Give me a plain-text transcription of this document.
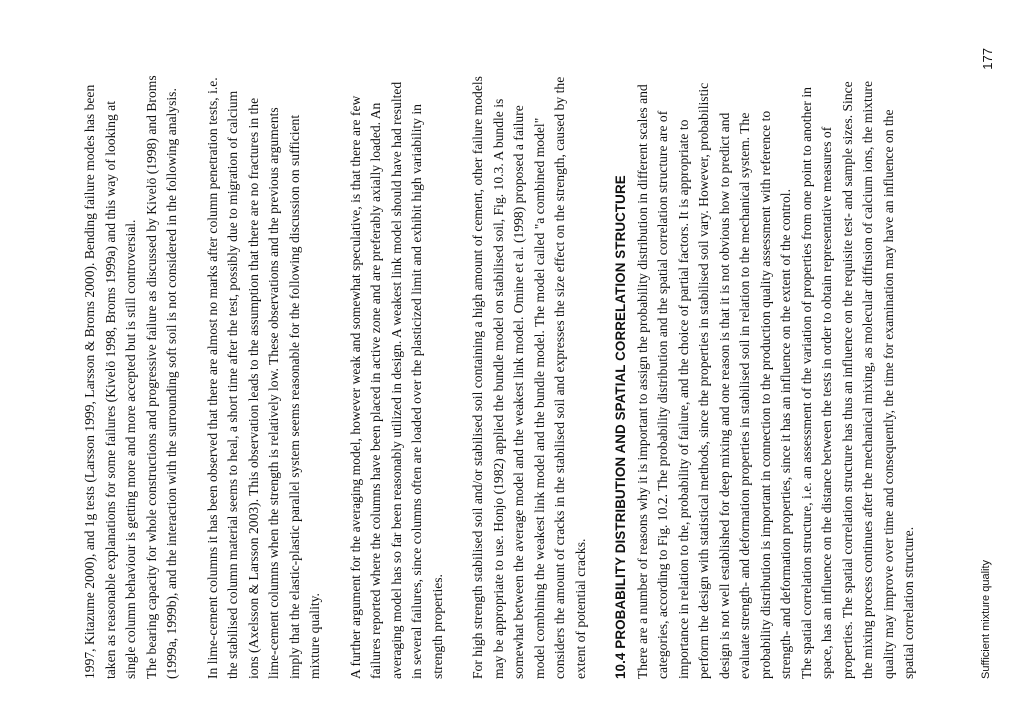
1997, Kitazume 2000), and 1g tests (Larsson 1999, Larsson & Broms 2000). Bending failure modes has been taken as reasonable explanations for some failures (Kivelö 1998, Broms 1999a) and this way of looking at single column behaviour is getting more and more accepted but is still controversial. The bearing capacity for whole constructions and progressive failure as discussed by Kivelö (1998) and Broms (1999a, 1999b), and the interaction with the surrounding soft soil is not considered in the following analysis. In lime-cement columns it has been observed that there are almost no marks after column penetration tests, i.e. the stabilised column material seems to heal, a short time after the test, possibly due to migration of calcium ions (Axelsson & Larsson 2003). This observation leads to the assumption that there are no fractures in the lime-cement columns when the strength is relatively low. These observations and the previous arguments imply that the elastic-plastic parallel system seems reasonable for the following discussion on sufficient mixture quality. A further argument for the averaging model, however weak and somewhat speculative, is that there are few failures reported where the columns have been placed in active zone and are preferably axially loaded. An averaging model has so far been reasonably utilized in design. A weakest link model should have had resulted in several failures, since columns often are loaded over the plasticized limit and exhibit high variability in strength properties. For high strength stabilised soil and/or stabilised soil containing a high amount of cement, other failure models may be appropriate to use. Honjo (1982) applied the bundle model on stabilised soil, Fig. 10.3. A bundle is somewhat between the average model and the weakest link model. Omine et al. (1998) proposed a failure model combining the weakest link model and the bundle model. The model called "a combined model" considers the amount of cracks in the stabilised soil and expresses the size effect on the strength, caused by the extent of potential cracks. 10.4 PROBABILITY DISTRIBUTION AND SPATIAL CORRELATION STRUCTURE There are a number of reasons why it is important to assign the probability distribution in different scales and categories, according to Fig. 10.2. The probability distribution and the spatial correlation structure are of importance in relation to the, probability of failure, and the choice of partial factors. It is appropriate to perform the design with statistical methods, since the properties in stabilised soil vary. However, probabilistic design is not well established for deep mixing and one reason is that it is not obvious how to predict and evaluate strength- and deformation properties in stabilised soil in relation to the mechanical system. The probability distribution is important in connection to the production quality assessment with reference to strength- and deformation properties, since it has an influence on the extent of the control. The spatial correlation structure, i.e. an assessment of the variation of properties from one point to another in space, has an influence on the distance between the tests in order to obtain representative measures of properties. The spatial correlation structure has thus an influence on the requisite test- and sample sizes. Since the mixing process continues after the mechanical mixing, as molecular diffusion of calcium ions, the mixture quality may improve over time and consequently, the time for examination may have an influence on the spatial correlation structure.	Sufficient mixture quality
177
